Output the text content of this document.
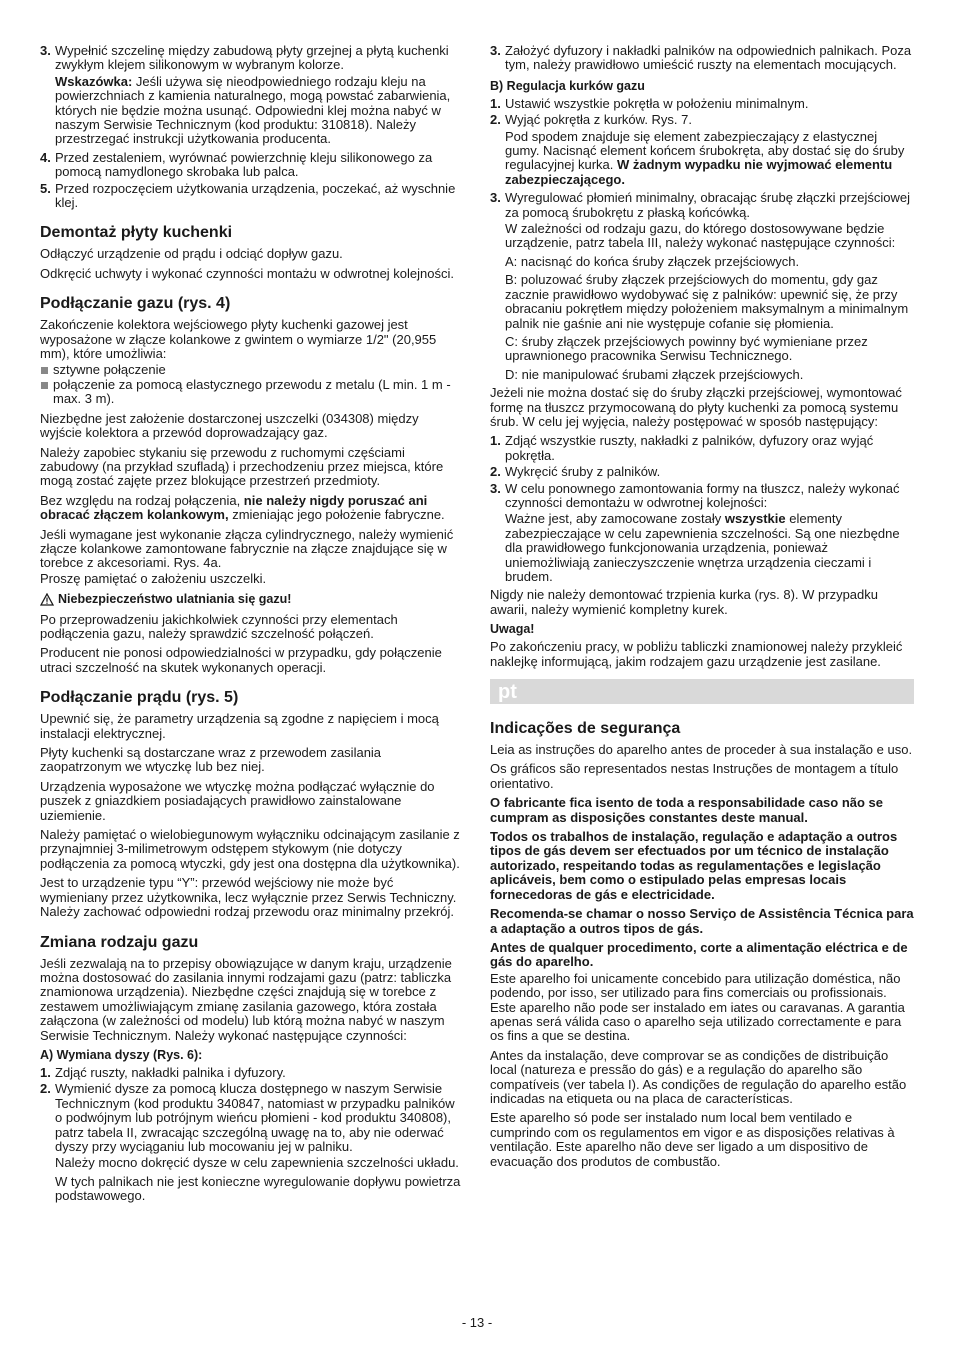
3. Wypełnić szczelinę między zabudową płyty grzejnej a płytą kuchenki zwykłym klejem silikonowym w wybranym kolorze.

Wskazówka: Jeśli używa się nieodpowiedniego rodzaju kleju na powierzchniach z kamienia naturalnego, mogą powstać zabarwienia, których nie będzie można usunąć. Odpowiedni klej można nabyć w naszym Serwisie Technicznym (kod produktu: 310818). Należy przestrzegać instrukcji użytkowania producenta.

4. Przed zestaleniem, wyrównać powierzchnię kleju silikonowego za pomocą namydlonego skrobaka lub palca.
5. Przed rozpoczęciem użytkowania urządzenia, poczekać, aż wyschnie klej.
Demontaż płyty kuchenki

Odłączyć urządzenie od prądu i odciąć dopływ gazu.

Odkręcić uchwyty i wykonać czynności montażu w odwrotnej kolejności.

Podłączanie gazu (rys. 4)

Zakończenie kolektora wejściowego płyty kuchenki gazowej jest wyposażone w złącze kolankowe z gwintem o wymiarze 1/2" (20,955 mm), które umożliwia:

sztywne połączenie
połączenie za pomocą elastycznego przewodu z metalu (L min. 1 m - max. 3 m).

Niezbędne jest założenie dostarczonej uszczelki (034308) między wyjście kolektora a przewód doprowadzający gaz.

Należy zapobiec stykaniu się przewodu z ruchomymi częściami zabudowy (na przykład szufladą) i przechodzeniu przez miejsca, które mogą zostać zajęte przez blokujące przestrzeń przedmioty.

Bez względu na rodzaj połączenia, nie należy nigdy poruszać ani obracać złączem kolankowym, zmieniając jego położenie fabryczne.

Jeśli wymagane jest wykonanie złącza cylindrycznego, należy wymienić złącze kolankowe zamontowane fabrycznie na złącze znajdujące się w torebce z akcesoriami. Rys. 4a.

Proszę pamiętać o założeniu uszczelki.

Niebezpieczeństwo ulatniania się gazu!

Po przeprowadzeniu jakichkolwiek czynności przy elementach podłączenia gazu, należy sprawdzić szczelność połączeń.

Producent nie ponosi odpowiedzialności w przypadku, gdy połączenie utraci szczelność na skutek wykonanych operacji.

Podłączanie prądu (rys. 5)

Upewnić się, że parametry urządzenia są zgodne z napięciem i mocą instalacji elektrycznej.

Płyty kuchenki są dostarczane wraz z przewodem zasilania zaopatrzonym we wtyczkę lub bez niej.

Urządzenia wyposażone we wtyczkę można podłączać wyłącznie do puszek z gniazdkiem posiadających prawidłowo zainstalowane uziemienie.

Należy pamiętać o wielobiegunowym wyłączniku odcinającym zasilanie z przynajmniej 3-milimetrowym odstępem stykowym (nie dotyczy podłączenia za pomocą wtyczki, gdy jest ona dostępna dla użytkownika).

Jest to urządzenie typu “Y”: przewód wejściowy nie może być wymieniany przez użytkownika, lecz wyłącznie przez Serwis Techniczny. Należy zachować odpowiedni rodzaj przewodu oraz minimalny przekrój.

Zmiana rodzaju gazu

Jeśli zezwalają na to przepisy obowiązujące w danym kraju, urządzenie można dostosować do zasilania innymi rodzajami gazu (patrz: tabliczka znamionowa urządzenia). Niezbędne części znajdują się w torebce z zestawem umożliwiającym zmianę zasilania gazowego, która została załączona (w zależności od modelu) lub którą można nabyć w naszym Serwisie Technicznym. Należy wykonać następujące czynności:

A) Wymiana dyszy (Rys. 6):
1. Zdjąć ruszty, nakładki palnika i dyfuzory.
2. Wymienić dysze za pomocą klucza dostępnego w naszym Serwisie Technicznym (kod produktu 340847, natomiast w przypadku palników o podwójnym lub potrójnym wieńcu płomieni - kod produktu 340808), patrz tabela II, zwracając szczególną uwagę na to, aby nie oderwać dyszy przy wyciąganiu lub mocowaniu jej w palniku.

Należy mocno dokręcić dysze w celu zapewnienia szczelności układu.

W tych palnikach nie jest konieczne wyregulowanie dopływu powietrza podstawowego.

3. Założyć dyfuzory i nakładki palników na odpowiednich palnikach. Poza tym, należy prawidłowo umieścić ruszty na elementach mocujących.
B) Regulacja kurków gazu
1. Ustawić wszystkie pokrętła w położeniu minimalnym.
2. Wyjąć pokrętła z kurków. Rys. 7.

Pod spodem znajduje się element zabezpieczający z elastycznej gumy. Nacisnąć element końcem śrubokręta, aby dostać się do śruby regulacyjnej kurka. W żadnym wypadku nie wyjmować elementu zabezpieczającego.

3. Wyregulować płomień minimalny, obracając śrubę złączki przejściowej za pomocą śrubokrętu z płaską końcówką.

W zależności od rodzaju gazu, do którego dostosowywane będzie urządzenie, patrz tabela III, należy wykonać następujące czynności:

A: nacisnąć do końca śruby złączek przejściowych.

B: poluzować śruby złączek przejściowych do momentu, gdy gaz zacznie prawidłowo wydobywać się z palników: upewnić się, że przy obracaniu pokrętłem między położeniem maksymalnym a minimalnym palnik nie gaśnie ani nie występuje cofanie się płomienia.

C: śruby złączek przejściowych powinny być wymieniane przez uprawnionego pracownika Serwisu Technicznego.

D: nie manipulować śrubami złączek przejściowych.

Jeżeli nie można dostać się do śruby złączki przejściowej, wymontować formę na tłuszcz przymocowaną do płyty kuchenki za pomocą systemu śrub. W celu jej wyjęcia, należy postępować w sposób następujący:

1. Zdjąć wszystkie ruszty, nakładki z palników, dyfuzory oraz wyjąć pokrętła.
2. Wykręcić śruby z palników.
3. W celu ponownego zamontowania formy na tłuszcz, należy wykonać czynności demontażu w odwrotnej kolejności:

Ważne jest, aby zamocowane zostały wszystkie elementy zabezpieczające w celu zapewnienia szczelności. Są one niezbędne dla prawidłowego funkcjonowania urządzenia, ponieważ uniemożliwiają zanieczyszczenie wnętrza urządzenia cieczami i brudem.

Nigdy nie należy demontować trzpienia kurka (rys. 8). W przypadku awarii, należy wymienić kompletny kurek.

Uwaga!

Po zakończeniu pracy, w pobliżu tabliczki znamionowej należy przykleić naklejkę informującą, jakim rodzajem gazu urządzenie jest zasilane.

pt
Indicações de segurança

Leia as instruções do aparelho antes de proceder à sua instalação e uso.

Os gráficos são representados nestas Instruções de montagem a título orientativo.

O fabricante fica isento de toda a responsabilidade caso não se cumpram as disposições constantes deste manual.

Todos os trabalhos de instalação, regulação e adaptação a outros tipos de gás devem ser efectuados por um técnico de instalação autorizado, respeitando todas as regulamentações e legislação aplicáveis, bem como o estipulado pelas empresas locais fornecedoras de gás e electricidade.

Recomenda-se chamar o nosso Serviço de Assistência Técnica para a adaptação a outros tipos de gás.

Antes de qualquer procedimento, corte a alimentação eléctrica e de gás do aparelho.

Este aparelho foi unicamente concebido para utilização doméstica, não podendo, por isso, ser utilizado para fins comerciais ou profissionais. Este aparelho não pode ser instalado em iates ou caravanas. A garantia apenas será válida caso o aparelho seja utilizado correctamente e para os fins a que se destina.

Antes da instalação, deve comprovar se as condições de distribuição local (natureza e pressão do gás) e a regulação do aparelho são compatíveis (ver tabela I). As condições de regulação do aparelho estão indicadas na etiqueta ou na placa de características.

Este aparelho só pode ser instalado num local bem ventilado e cumprindo com os regulamentos em vigor e as disposições relativas à ventilação. Este aparelho não deve ser ligado a um dispositivo de evacuação dos produtos de combustão.

- 13 -
